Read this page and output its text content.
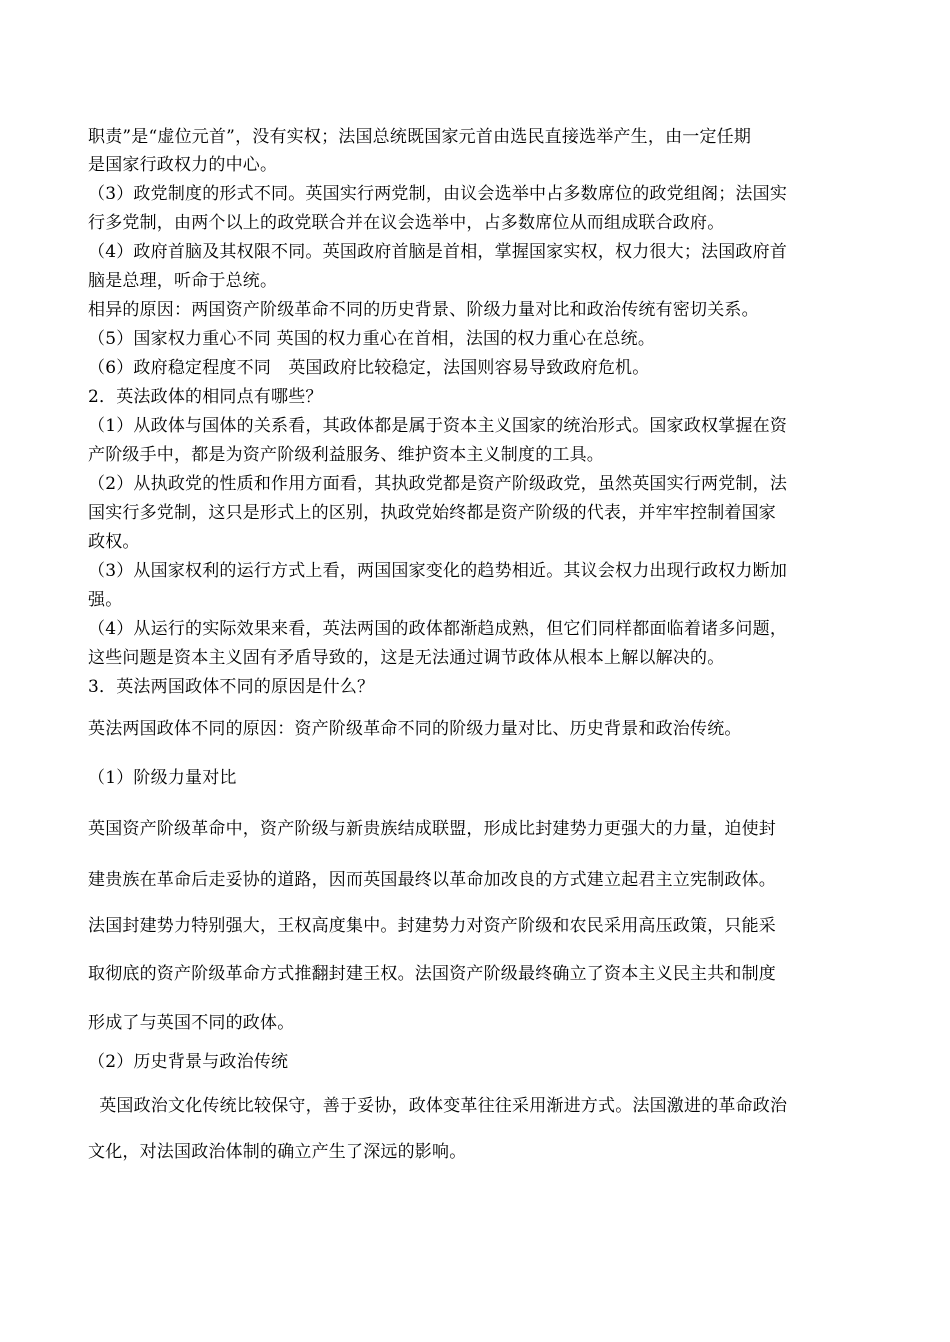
职责”是“虚位元首”，没有实权；法国总统既国家元首由选民直接选举产生，由一定任期
是国家行政权力的中心。
（3）政党制度的形式不同。英国实行两党制，由议会选举中占多数席位的政党组阁；法国实
行多党制，由两个以上的政党联合并在议会选举中，占多数席位从而组成联合政府。
（4）政府首脑及其权限不同。英国政府首脑是首相，掌握国家实权，权力很大；法国政府首
脑是总理，听命于总统。
相异的原因：两国资产阶级革命不同的历史背景、阶级力量对比和政治传统有密切关系。
（5）国家权力重心不同 英国的权力重心在首相，法国的权力重心在总统。
（6）政府稳定程度不同　英国政府比较稳定，法国则容易导致政府危机。
2．英法政体的相同点有哪些？
（1）从政体与国体的关系看，其政体都是属于资本主义国家的统治形式。国家政权掌握在资
产阶级手中，都是为资产阶级利益服务、维护资本主义制度的工具。
（2）从执政党的性质和作用方面看，其执政党都是资产阶级政党，虽然英国实行两党制，法
国实行多党制，这只是形式上的区别，执政党始终都是资产阶级的代表，并牢牢控制着国家
政权。
（3）从国家权利的运行方式上看，两国国家变化的趋势相近。其议会权力出现行政权力断加
强。
（4）从运行的实际效果来看，英法两国的政体都渐趋成熟，但它们同样都面临着诸多问题，
这些问题是资本主义固有矛盾导致的，这是无法通过调节政体从根本上解以解决的。
3．英法两国政体不同的原因是什么？
英法两国政体不同的原因：资产阶级革命不同的阶级力量对比、历史背景和政治传统。
（1）阶级力量对比
英国资产阶级革命中，资产阶级与新贵族结成联盟，形成比封建势力更强大的力量，迫使封
建贵族在革命后走妥协的道路，因而英国最终以革命加改良的方式建立起君主立宪制政体。
法国封建势力特别强大，王权高度集中。封建势力对资产阶级和农民采用高压政策，只能采
取彻底的资产阶级革命方式推翻封建王权。法国资产阶级最终确立了资本主义民主共和制度
形成了与英国不同的政体。
（2）历史背景与政治传统
英国政治文化传统比较保守，善于妥协，政体变革往往采用渐进方式。法国激进的革命政治
文化，对法国政治体制的确立产生了深远的影响。
